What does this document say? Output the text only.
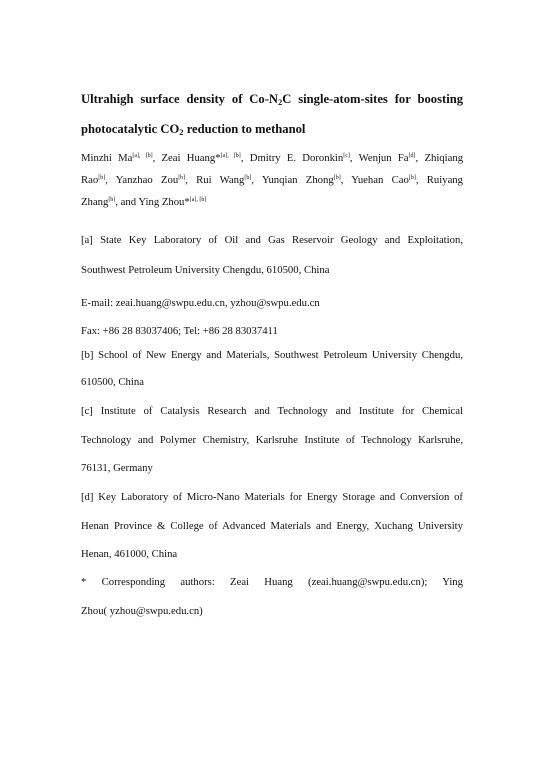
Ultrahigh surface density of $Co-N_2C$ single-atom-sites for boosting
photocatalytic $CO_2$ reduction to methanol
Minzhi Ma[a], [b], Zeai Huang*[a], [b], Dmitry E. Doronkin[c], Wenjun Fa[d], Zhiqiang
Rao[b], Yanzhao Zou[b], Rui Wang[b], Yunqian Zhong[b], Yuehan Cao[b], Ruiyang
Zhang[b], and Ying Zhou*[a], [b]
[a] State Key Laboratory of Oil and Gas Reservoir Geology and Exploitation,
Southwest Petroleum University Chengdu, 610500, China
E-mail: zeai.huang@swpu.edu.cn, yzhou@swpu.edu.cn
Fax: +86 28 83037406; Tel: +86 28 83037411
[b] School of New Energy and Materials, Southwest Petroleum University Chengdu,
610500, China
[c] Institute of Catalysis Research and Technology and Institute for Chemical
Technology and Polymer Chemistry, Karlsruhe Institute of Technology Karlsruhe,
76131, Germany
[d] Key Laboratory of Micro-Nano Materials for Energy Storage and Conversion of
Henan Province & College of Advanced Materials and Energy, Xuchang University
Henan, 461000, China
* Corresponding authors: Zeai Huang (zeai.huang@swpu.edu.cn); Ying
Zhou( yzhou@swpu.edu.cn)
